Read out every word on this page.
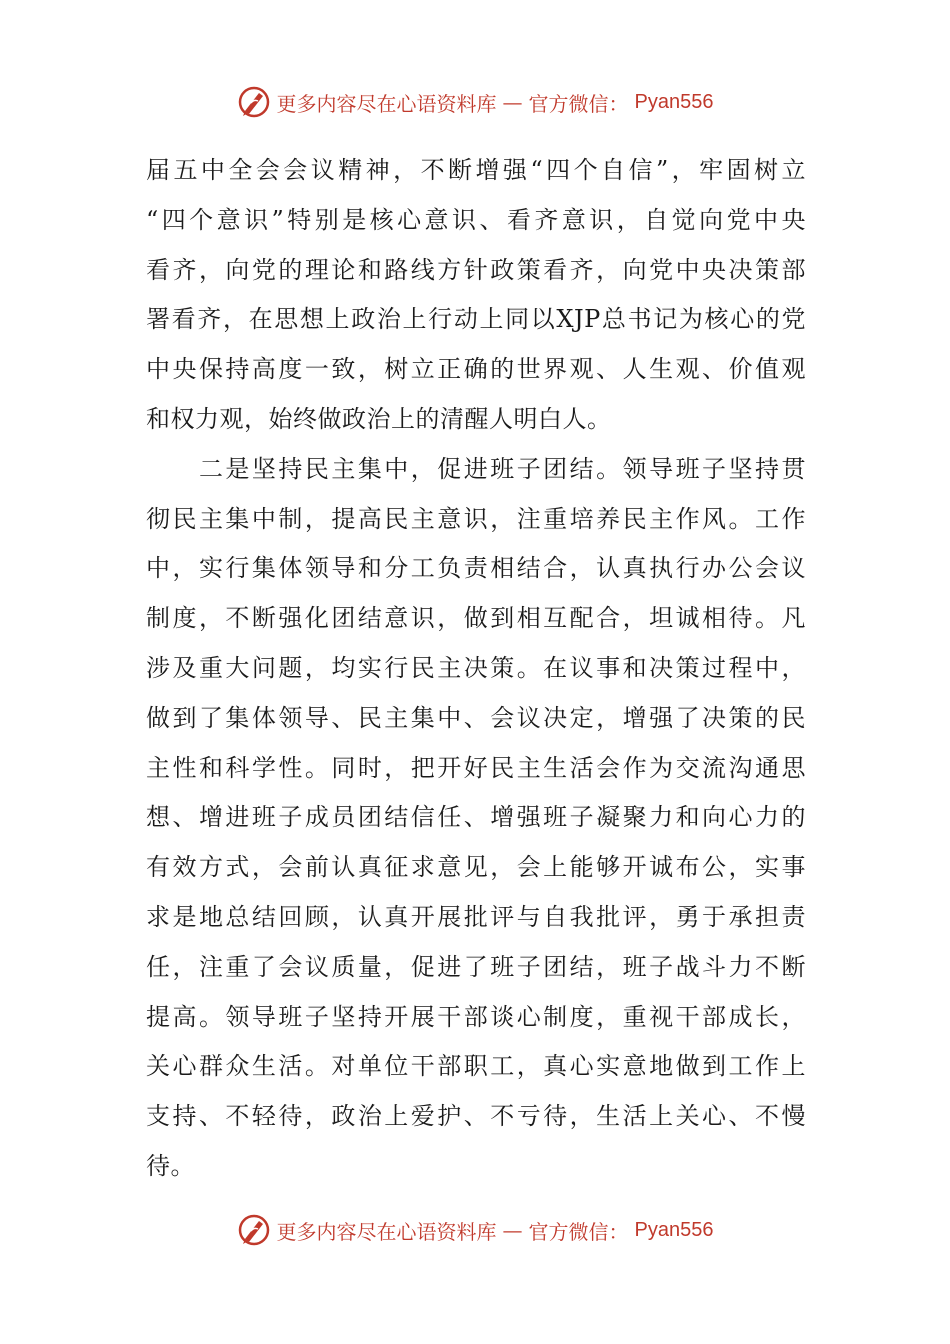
更多内容尽在心语资料库 — 官方微信： Pyan556
届五中全会会议精神，不断增强“四个自信”，牢固树立
“四个意识”特别是核心意识、看齐意识，自觉向党中央
看齐，向党的理论和路线方针政策看齐，向党中央决策部
署看齐，在思想上政治上行动上同以XJP总书记为核心的党
中央保持高度一致，树立正确的世界观、人生观、价值观
和权力观，始终做政治上的清醒人明白人。
　　二是坚持民主集中，促进班子团结。领导班子坚持贯
彻民主集中制，提高民主意识，注重培养民主作风。工作
中，实行集体领导和分工负责相结合，认真执行办公会议
制度，不断强化团结意识，做到相互配合，坦诚相待。凡
涉及重大问题，均实行民主决策。在议事和决策过程中，
做到了集体领导、民主集中、会议决定，增强了决策的民
主性和科学性。同时，把开好民主生活会作为交流沟通思
想、增进班子成员团结信任、增强班子凝聚力和向心力的
有效方式，会前认真征求意见，会上能够开诚布公，实事
求是地总结回顾，认真开展批评与自我批评，勇于承担责
任，注重了会议质量，促进了班子团结，班子战斗力不断
提高。领导班子坚持开展干部谈心制度，重视干部成长，
关心群众生活。对单位干部职工，真心实意地做到工作上
支持、不轻待，政治上爱护、不亏待，生活上关心、不慢
待。
更多内容尽在心语资料库 — 官方微信： Pyan556
